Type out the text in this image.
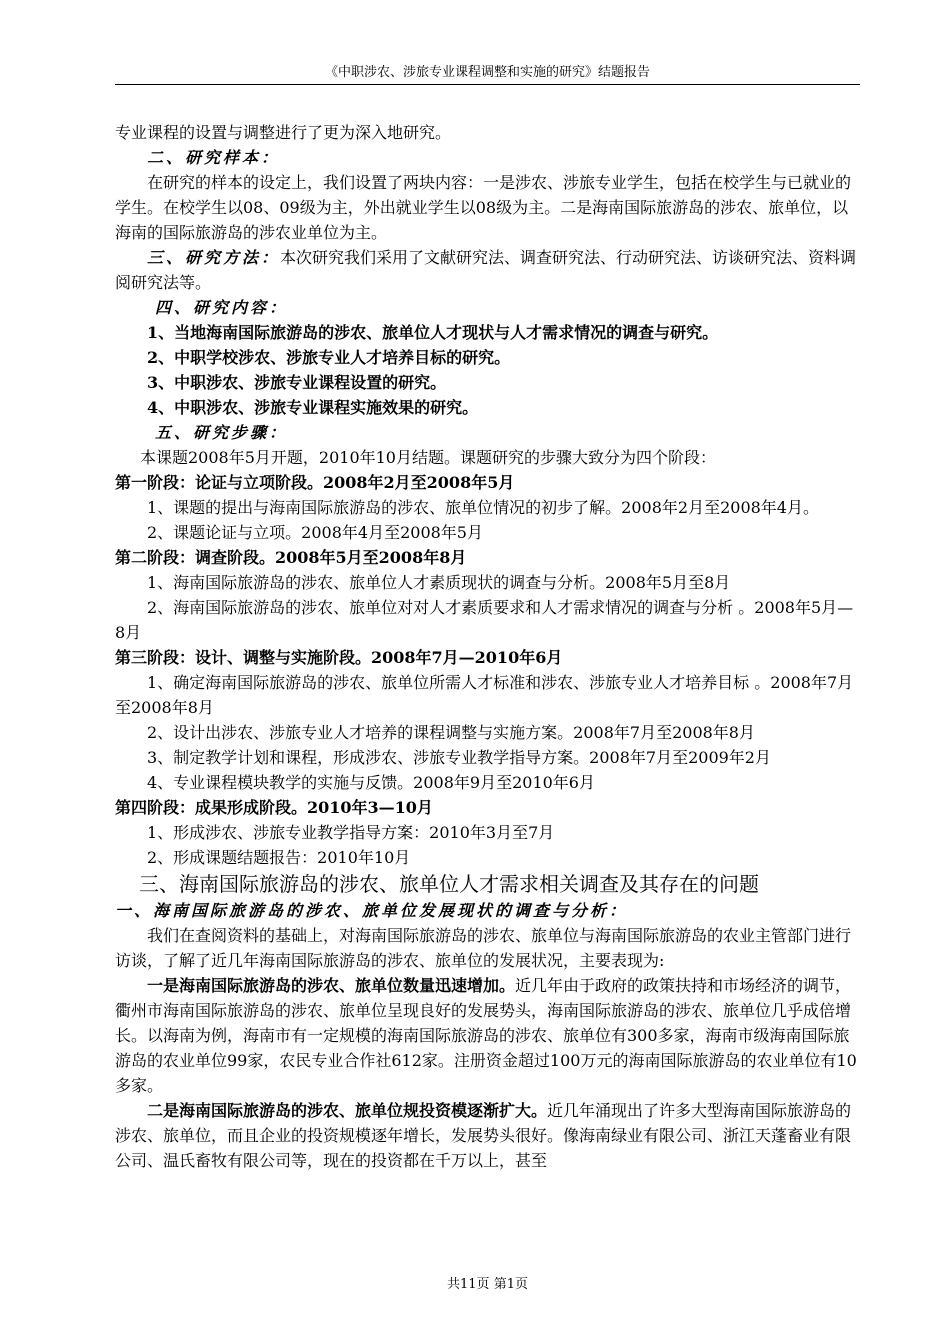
《中职涉农、涉旅专业课程调整和实施的研究》结题报告

专业课程的设置与调整进行了更为深入地研究。

二、研究样本：

在研究的样本的设定上，我们设置了两块内容：一是涉农、涉旅专业学生，包括在校学生与已就业的学生。在校学生以08、09级为主，外出就业学生以08级为主。二是海南国际旅游岛的涉农、旅单位，以海南的国际旅游岛的涉农业单位为主。

三、研究方法：本次研究我们采用了文献研究法、调查研究法、行动研究法、访谈研究法、资料调阅研究法等。

四、研究内容：

1、当地海南国际旅游岛的涉农、旅单位人才现状与人才需求情况的调查与研究。

2、中职学校涉农、涉旅专业人才培养目标的研究。

3、中职涉农、涉旅专业课程设置的研究。

4、中职涉农、涉旅专业课程实施效果的研究。

五、研究步骤：

本课题2008年5月开题，2010年10月结题。课题研究的步骤大致分为四个阶段：

第一阶段：论证与立项阶段。2008年2月至2008年5月

1、课题的提出与海南国际旅游岛的涉农、旅单位情况的初步了解。2008年2月至2008年4月。

2、课题论证与立项。2008年4月至2008年5月

第二阶段：调查阶段。2008年5月至2008年8月

1、海南国际旅游岛的涉农、旅单位人才素质现状的调查与分析。2008年5月至8月

2、海南国际旅游岛的涉农、旅单位对对人才素质要求和人才需求情况的调查与分析 。2008年5月—8月

第三阶段：设计、调整与实施阶段。2008年7月—2010年6月

1、确定海南国际旅游岛的涉农、旅单位所需人才标准和涉农、涉旅专业人才培养目标 。2008年7月至2008年8月

2、设计出涉农、涉旅专业人才培养的课程调整与实施方案。2008年7月至2008年8月

3、制定教学计划和课程，形成涉农、涉旅专业教学指导方案。2008年7月至2009年2月

4、专业课程模块教学的实施与反馈。2008年9月至2010年6月

第四阶段：成果形成阶段。2010年3—10月

1、形成涉农、涉旅专业教学指导方案：2010年3月至7月

2、形成课题结题报告：2010年10月

三、海南国际旅游岛的涉农、旅单位人才需求相关调查及其存在的问题

一、海南国际旅游岛的涉农、旅单位发展现状的调查与分析：

我们在查阅资料的基础上，对海南国际旅游岛的涉农、旅单位与海南国际旅游岛的农业主管部门进行访谈，了解了近几年海南国际旅游岛的涉农、旅单位的发展状况，主要表现为:

一是海南国际旅游岛的涉农、旅单位数量迅速增加。近几年由于政府的政策扶持和市场经济的调节，衢州市海南国际旅游岛的涉农、旅单位呈现良好的发展势头，海南国际旅游岛的涉农、旅单位几乎成倍增长。以海南为例，海南市有一定规模的海南国际旅游岛的涉农、旅单位有300多家，海南市级海南国际旅游岛的农业单位99家，农民专业合作社612家。注册资金超过100万元的海南国际旅游岛的农业单位有10多家。

二是海南国际旅游岛的涉农、旅单位规投资模逐渐扩大。近几年涌现出了许多大型海南国际旅游岛的涉农、旅单位，而且企业的投资规模逐年增长，发展势头很好。像海南绿业有限公司、浙江天蓬畜业有限公司、温氏畜牧有限公司等，现在的投资都在千万以上，甚至

共11页 第1页
